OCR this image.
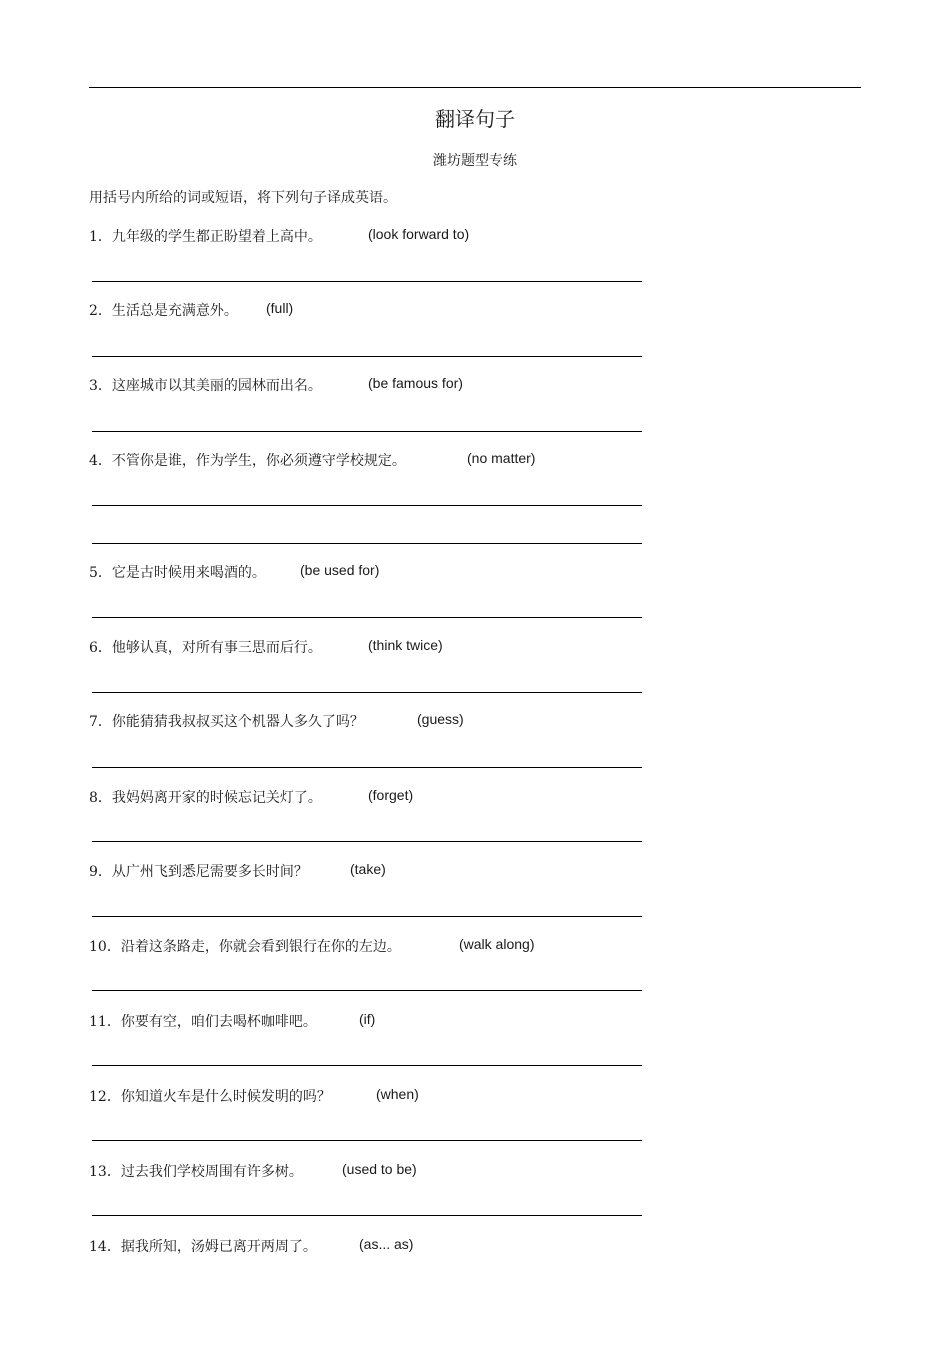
翻译句子
潍坊题型专练
用括号内所给的词或短语，将下列句子译成英语。
1．九年级的学生都正盼望着上高中。	(look forward to)
2．生活总是充满意外。 (full)
3．这座城市以其美丽的园林而出名。	(be famous for)
4．不管你是谁，作为学生，你必须遵守学校规定。	(no matter)
5．它是古时候用来喝酒的。 (be used for)
6．他够认真，对所有事三思而后行。	(think twice)
7．你能猜猜我叔叔买这个机器人多久了吗？	(guess)
8．我妈妈离开家的时候忘记关灯了。	(forget)
9．从广州飞到悉尼需要多长时间？	(take)
10．沿着这条路走，你就会看到银行在你的左边。	(walk along)
11．你要有空，咱们去喝杯咖啡吧。	(if)
12．你知道火车是什么时候发明的吗？	(when)
13．过去我们学校周围有许多树。	(used to be)
14．据我所知，汤姆已离开两周了。	(as... as)
